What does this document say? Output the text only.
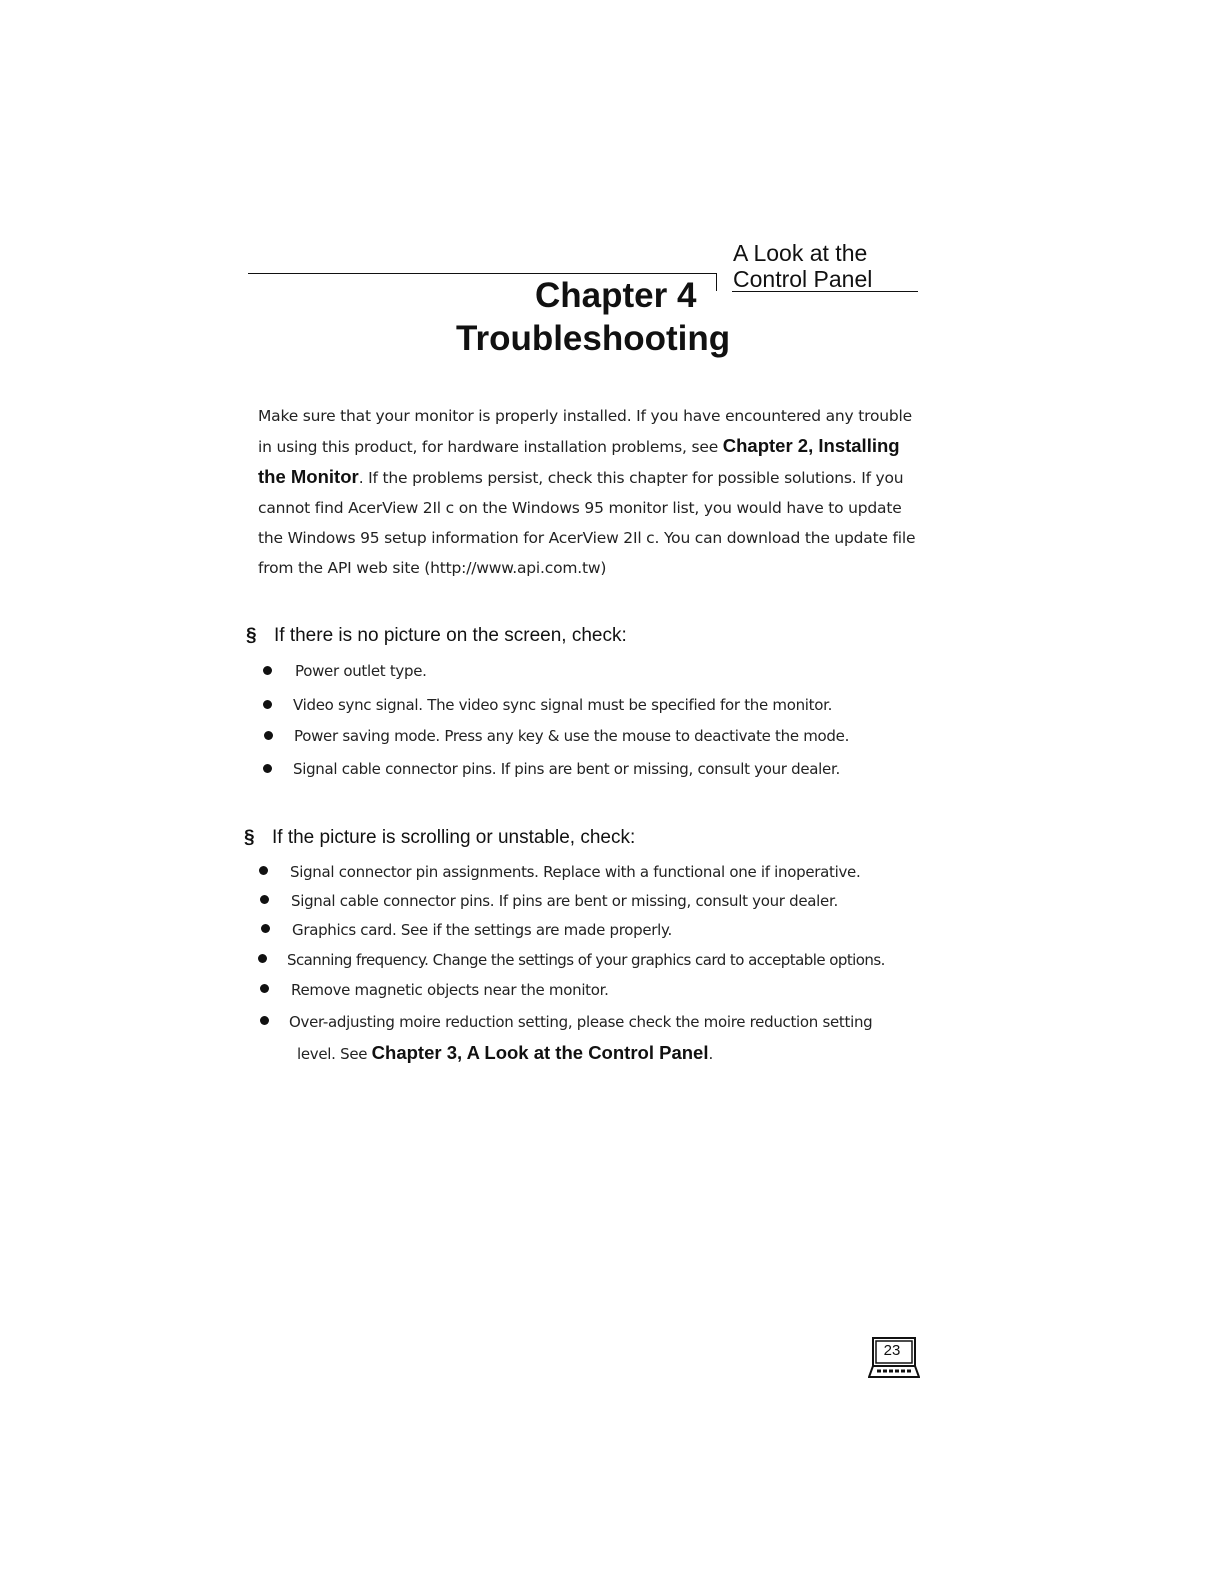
A Look at the
Control Panel
Chapter 4
Troubleshooting
Make sure that your monitor is properly installed. If you have encountered any trouble in using this product, for hardware installation problems, see Chapter 2, Installing the Monitor. If the problems persist, check this chapter for possible solutions. If you cannot find AcerView 2Il c on the Windows 95 monitor list, you would have to update the Windows 95 setup information for AcerView 2Il c. You can download the update file from the API web site (http://www.api.com.tw)
§ If there is no picture on the screen, check:
Power outlet type.
Video sync signal. The video sync signal must be specified for the monitor.
Power saving mode. Press any key & use the mouse to deactivate the mode.
Signal cable connector pins. If pins are bent or missing, consult your dealer.
§ If the picture is scrolling or unstable, check:
Signal connector pin assignments. Replace with a functional one if inoperative.
Signal cable connector pins. If pins are bent or missing, consult your dealer.
Graphics card. See if the settings are made properly.
Scanning frequency. Change the settings of your graphics card to acceptable options.
Remove magnetic objects near the monitor.
Over-adjusting moire reduction setting, please check the moire reduction setting
level. See Chapter 3, A Look at the Control Panel.
23
